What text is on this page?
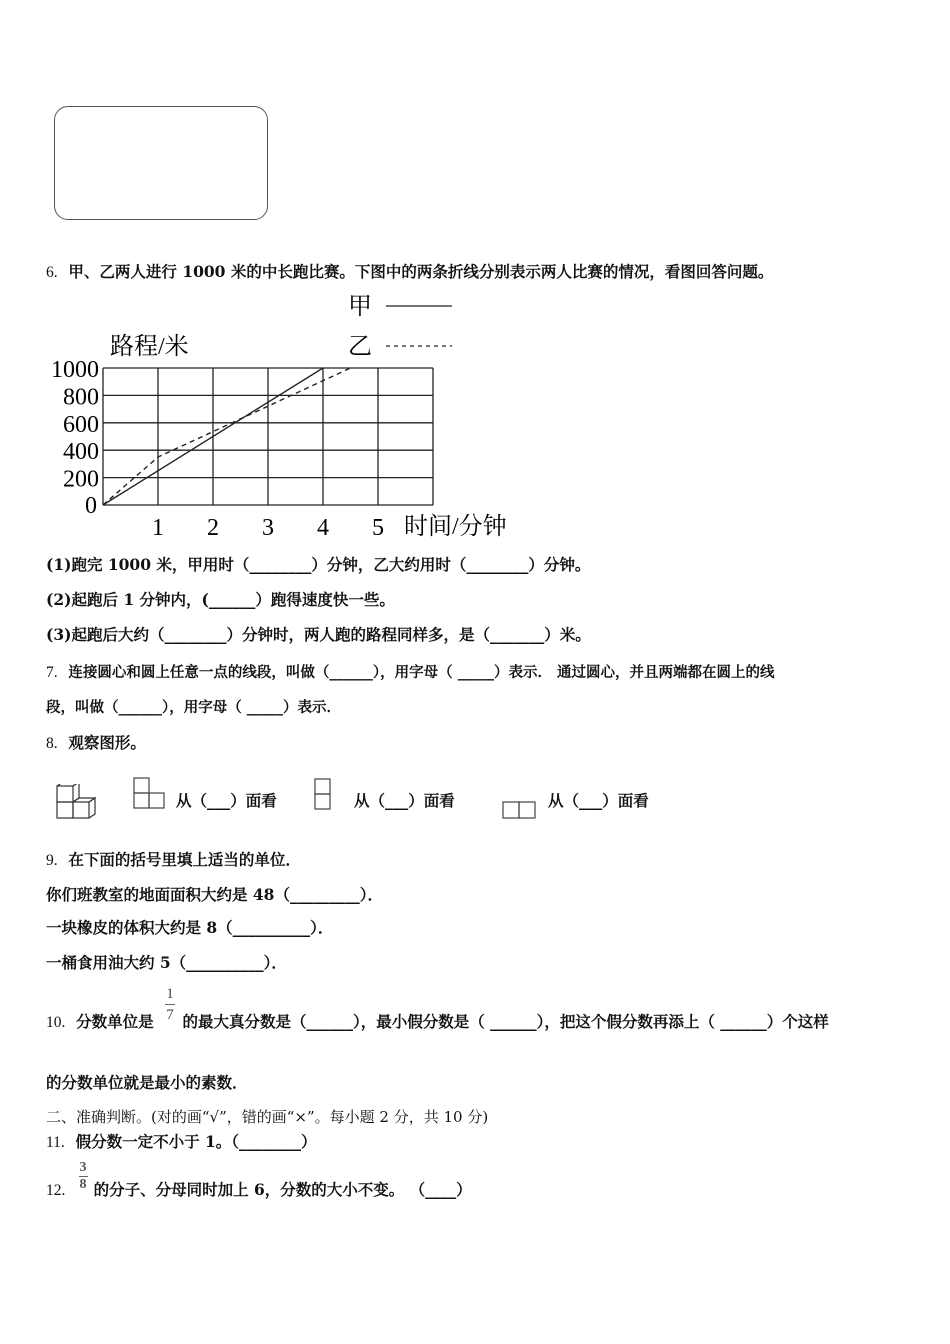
6. 甲、乙两人进行 1000 米的中长跑比赛。下图中的两条折线分别表示两人比赛的情况，看图回答问题。
200
400
600
800
1000
0
1 2 3 4 5
甲
乙
路程/米
时间/分钟
(1)跑完 1000 米，甲用时（________）分钟，乙大约用时（________）分钟。
(2)起跑后 1 分钟内，(______）跑得速度快一些。
(3)起跑后大约（________）分钟时，两人跑的路程同样多，是（_______）米。
7. 连接圆心和圆上任意一点的线段，叫做（______），用字母（ _____）表示． 通过圆心，并且两端都在圆上的线
段，叫做（______），用字母（ _____）表示．
8. 观察图形。
从（___）面看	从（___）面看	从（___）面看
9. 在下面的括号里填上适当的单位．
你们班教室的地面面积大约是 48（_________）．
一块橡皮的体积大约是 8（__________）．
一桶食用油大约 5（__________）．
10. 分数单位是 的最大真分数是（______），最小假分数是（ ______），把这个假分数再添上（ ______）个这样
1
7
的分数单位就是最小的素数．
二、准确判断。(对的画“√”，错的画“×”。每小题 2 分，共 10 分)
11. 假分数一定不小于 1。（________）
12. 的分子、分母同时加上 6，分数的大小不变。 （____）
3
8
